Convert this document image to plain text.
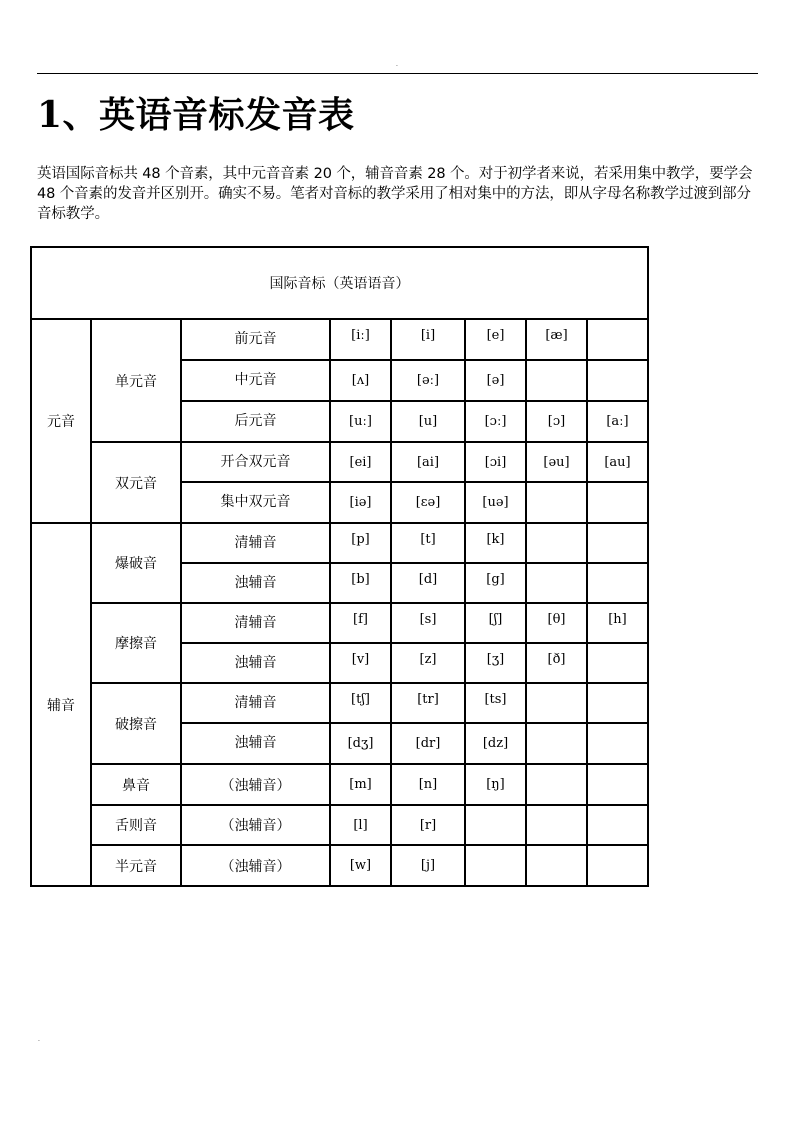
.
1、英语音标发音表
英语国际音标共 48 个音素，其中元音音素 20 个，辅音音素 28 个。对于初学者来说，若采用集中教学，要学会 48 个音素的发音并区别开。确实不易。笔者对音标的教学采用了相对集中的方法，即从字母名称教学过渡到部分音标教学。
国际音标（英语语音）							
元音	单元音	前元音	[iː]	[i]	[e]	[æ]	
		中元音	[ʌ]	[əː]	[ə]		
		后元音	[uː]	[u]	[ɔː]	[ɔ]	[aː]
	双元音	开合双元音	[ei]	[ai]	[ɔi]	[əu]	[au]
		集中双元音	[iə]	[ɛə]	[uə]		
辅音	爆破音	清辅音	[p]	[t]	[k]		
		浊辅音	[b]	[d]	[g]		
	摩擦音	清辅音	[f]	[s]	[ʃ]	[θ]	[h]
		浊辅音	[v]	[z]	[ʒ]	[ð]	
	破擦音	清辅音	[tʃ]	[tr]	[ts]		
		浊辅音	[dʒ]	[dr]	[dz]		
	鼻音	（浊辅音）	[m]	[n]	[ŋ]		
	舌则音	（浊辅音）	[l]	[r]			
	半元音	（浊辅音）	[w]	[j]			
.
